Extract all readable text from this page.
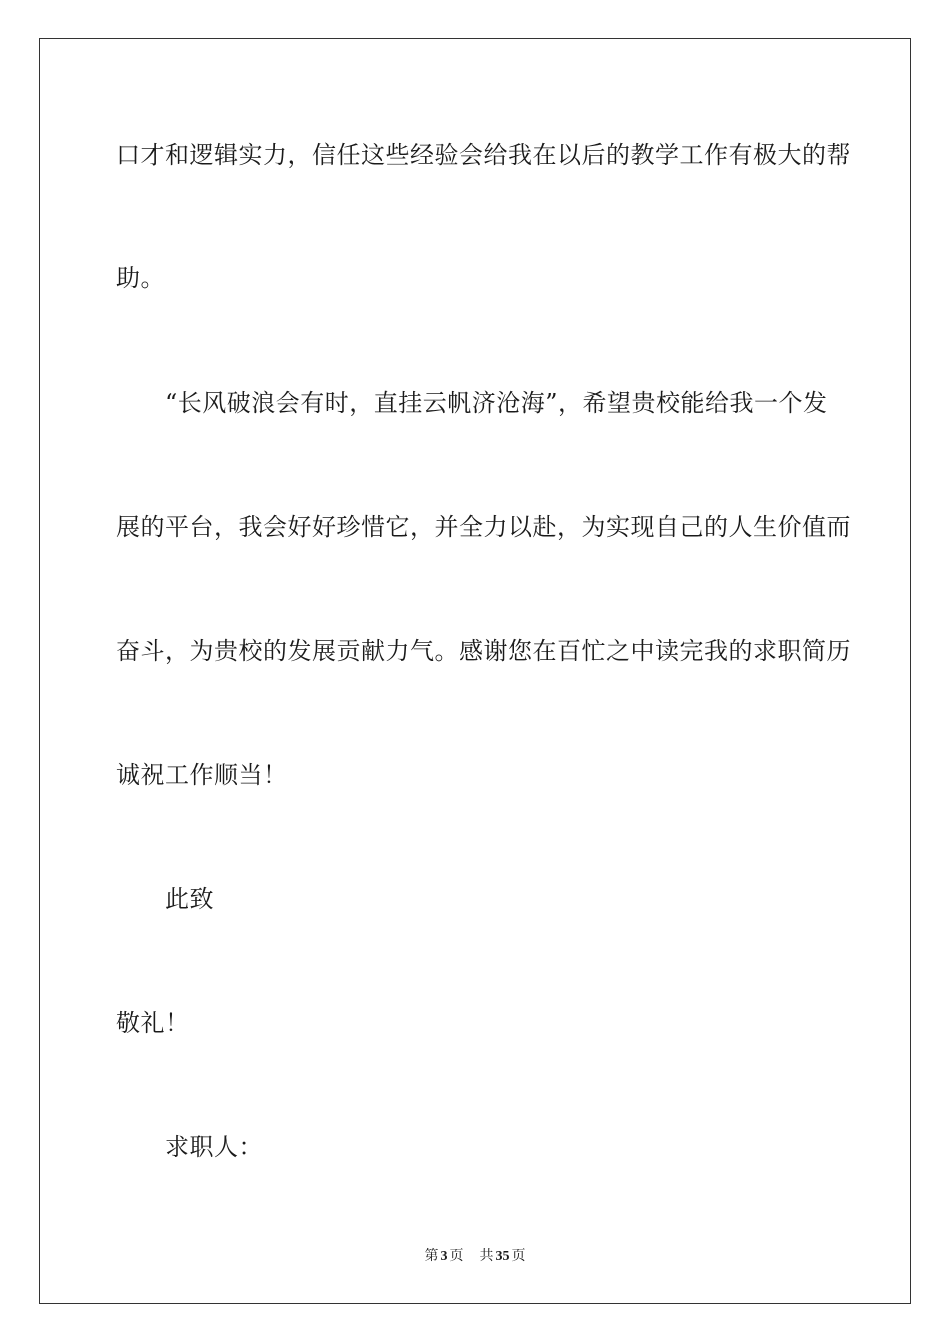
口才和逻辑实力，信任这些经验会给我在以后的教学工作有极大的帮
助。
“长风破浪会有时，直挂云帆济沧海”，希望贵校能给我一个发
展的平台，我会好好珍惜它，并全力以赴，为实现自己的人生价值而
奋斗，为贵校的发展贡献力气。感谢您在百忙之中读完我的求职简历
诚祝工作顺当！
此致
敬礼！
求职人：
第 3 页 共 35 页
